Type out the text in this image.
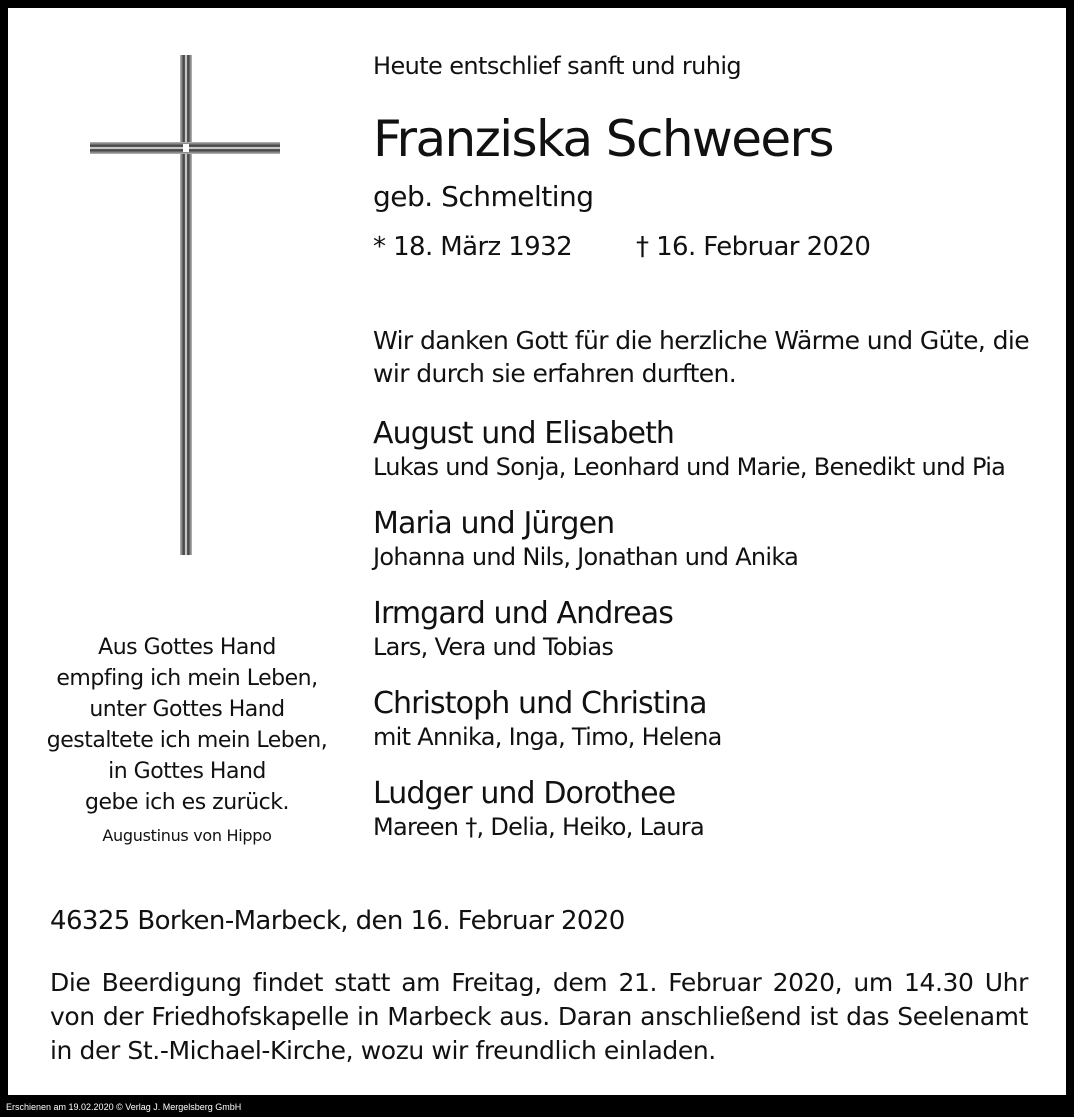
Heute entschlief sanft und ruhig
Franziska Schweers
geb. Schmelting
* 18. März 1932 † 16. Februar 2020
Wir danken Gott für die herzliche Wärme und Güte, die wir durch sie erfahren durften.
August und Elisabeth
Lukas und Sonja, Leonhard und Marie, Benedikt und Pia
Maria und Jürgen
Johanna und Nils, Jonathan und Anika
Irmgard und Andreas
Lars, Vera und Tobias
Christoph und Christina
mit Annika, Inga, Timo, Helena
Ludger und Dorothee
Mareen †, Delia, Heiko, Laura
Aus Gottes Hand
empfing ich mein Leben,
unter Gottes Hand
gestaltete ich mein Leben,
in Gottes Hand
gebe ich es zurück.
Augustinus von Hippo
46325 Borken-Marbeck, den 16. Februar 2020
Die Beerdigung findet statt am Freitag, dem 21. Februar 2020, um 14.30 Uhr von der Friedhofskapelle in Marbeck aus. Daran anschließend ist das Seelenamt in der St.-Michael-Kirche, wozu wir freundlich einladen.
Erschienen am 19.02.2020 © Verlag J. Mergelsberg GmbH
